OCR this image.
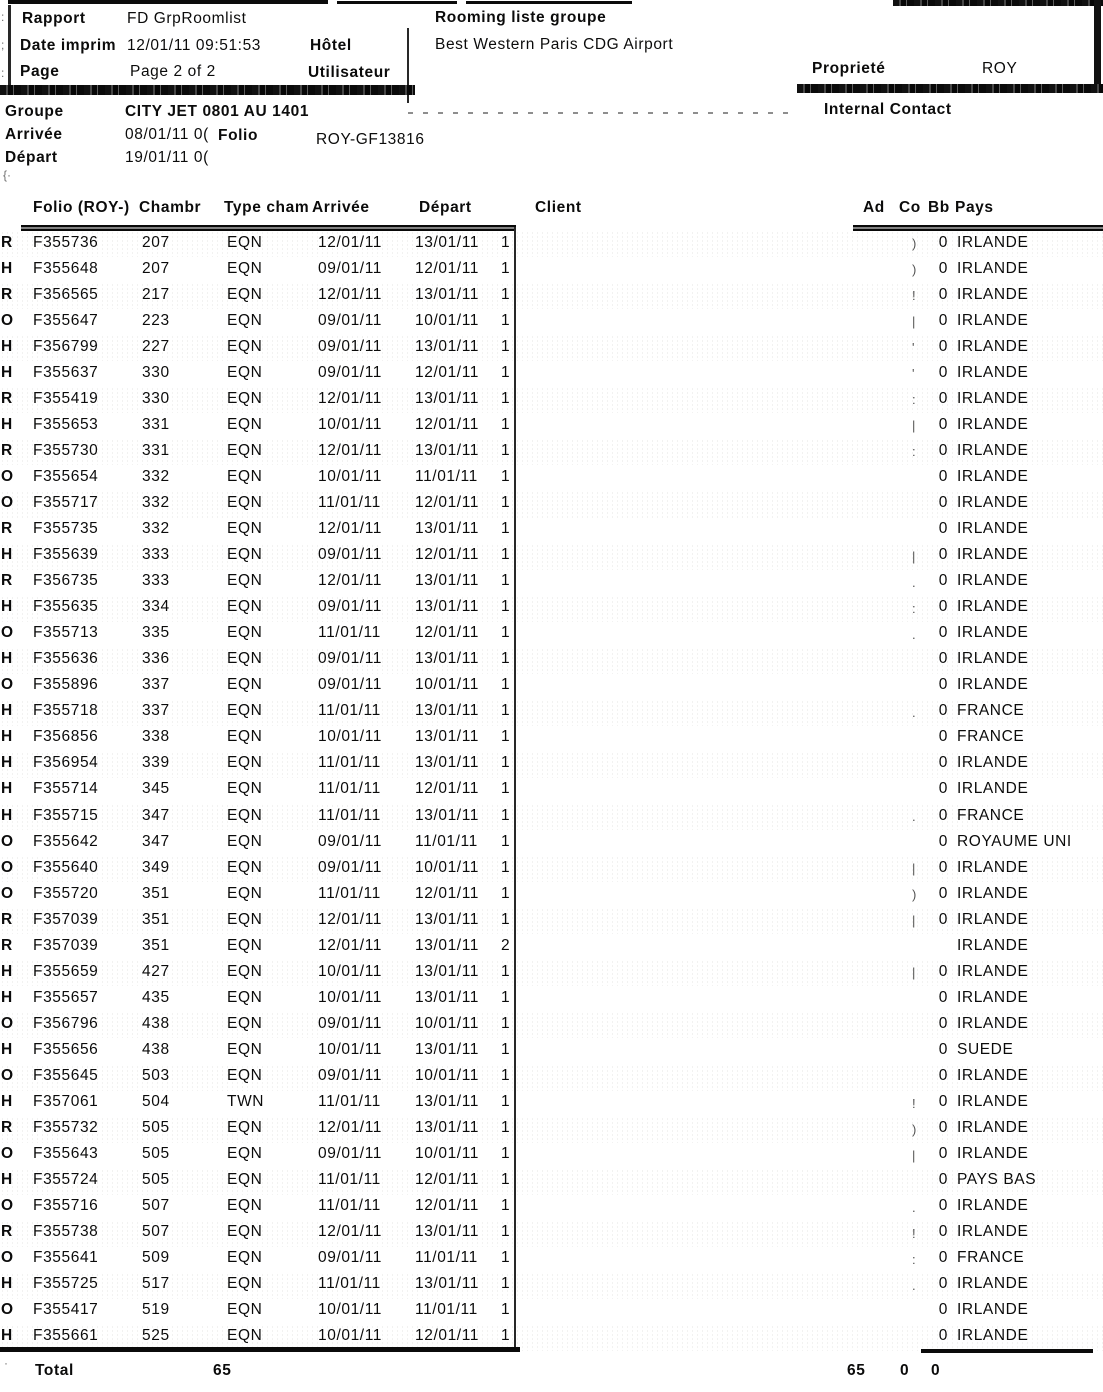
:
;
:
Rapport	FD GrpRoomlist	Rooming liste groupe
Date imprim 12/01/11 09:51:53	Hôtel	Best Western Paris CDG Airport
Page	Page 2 of 2	Utilisateur	Proprieté	ROY
Internal Contact
Groupe	CITY JET 0801 AU 1401
Arrivée	08/01/11 0( Folio	ROY-GF13816
Départ	19/01/11 0(
{·
Folio (ROY-) Chambr Type cham Arrivée	Départ	Client	Ad Co Bb Pays
R F355736	207	EQN	12/01/11 13/01/11 1	)	0 IRLANDE
H F355648	207	EQN	09/01/11 12/01/11 1	)	0 IRLANDE
R F356565	217	EQN	12/01/11 13/01/11 1	!	0 IRLANDE
O F355647	223	EQN	09/01/11 10/01/11 1	|	0 IRLANDE
H F356799	227	EQN	09/01/11 13/01/11 1	'	0 IRLANDE
H F355637	330	EQN	09/01/11 12/01/11 1	'	0 IRLANDE
R F355419	330	EQN	12/01/11 13/01/11 1	:	0 IRLANDE
H F355653	331	EQN	10/01/11 12/01/11 1	|	0 IRLANDE
R F355730	331	EQN	12/01/11 13/01/11 1	:	0 IRLANDE
O F355654	332	EQN	10/01/11 11/01/11 1	0 IRLANDE
O F355717	332	EQN	11/01/11 12/01/11 1	0 IRLANDE
R F355735	332	EQN	12/01/11 13/01/11 1	0 IRLANDE
H F355639	333	EQN	09/01/11 12/01/11 1	|	0 IRLANDE
R F356735	333	EQN	12/01/11 13/01/11 1	.	0 IRLANDE
H F355635	334	EQN	09/01/11 13/01/11 1	:	0 IRLANDE
O F355713	335	EQN	11/01/11 12/01/11 1	.	0 IRLANDE
H F355636	336	EQN	09/01/11 13/01/11 1	0 IRLANDE
O F355896	337	EQN	09/01/11 10/01/11 1	0 IRLANDE
H F355718	337	EQN	11/01/11 13/01/11 1	.	0 FRANCE
H F356856	338	EQN	10/01/11 13/01/11 1	0 FRANCE
H F356954	339	EQN	11/01/11 13/01/11 1	0 IRLANDE
H F355714	345	EQN	11/01/11 12/01/11 1	0 IRLANDE
H F355715	347	EQN	11/01/11 13/01/11 1	.	0 FRANCE
O F355642	347	EQN	09/01/11 11/01/11 1	0 ROYAUME UNI
O F355640	349	EQN	09/01/11 10/01/11 1	|	0 IRLANDE
O F355720	351	EQN	11/01/11 12/01/11 1	)	0 IRLANDE
R F357039	351	EQN	12/01/11 13/01/11 1	|	0 IRLANDE
R F357039	351	EQN	12/01/11 13/01/11 2	IRLANDE
H F355659	427	EQN	10/01/11 13/01/11 1	|	0 IRLANDE
H F355657	435	EQN	10/01/11 13/01/11 1	0 IRLANDE
O F356796	438	EQN	09/01/11 10/01/11 1	0 IRLANDE
H F355656	438	EQN	10/01/11 13/01/11 1	0 SUEDE
O F355645	503	EQN	09/01/11 10/01/11 1	0 IRLANDE
H F357061	504	TWN	11/01/11 13/01/11 1	!	0 IRLANDE
R F355732	505	EQN	12/01/11 13/01/11 1	)	0 IRLANDE
O F355643	505	EQN	09/01/11 10/01/11 1	|	0 IRLANDE
H F355724	505	EQN	11/01/11 12/01/11 1	0 PAYS BAS
O F355716	507	EQN	11/01/11 12/01/11 1	.	0 IRLANDE
R F355738	507	EQN	12/01/11 13/01/11 1	!	0 IRLANDE
O F355641	509	EQN	09/01/11 11/01/11 1	:	0 FRANCE
H F355725	517	EQN	11/01/11 13/01/11 1	.	0 IRLANDE
O F355417	519	EQN	10/01/11 11/01/11 1	0 IRLANDE
H F355661	525	EQN	10/01/11 12/01/11 1	0 IRLANDE
· Total	65	65 0 0
